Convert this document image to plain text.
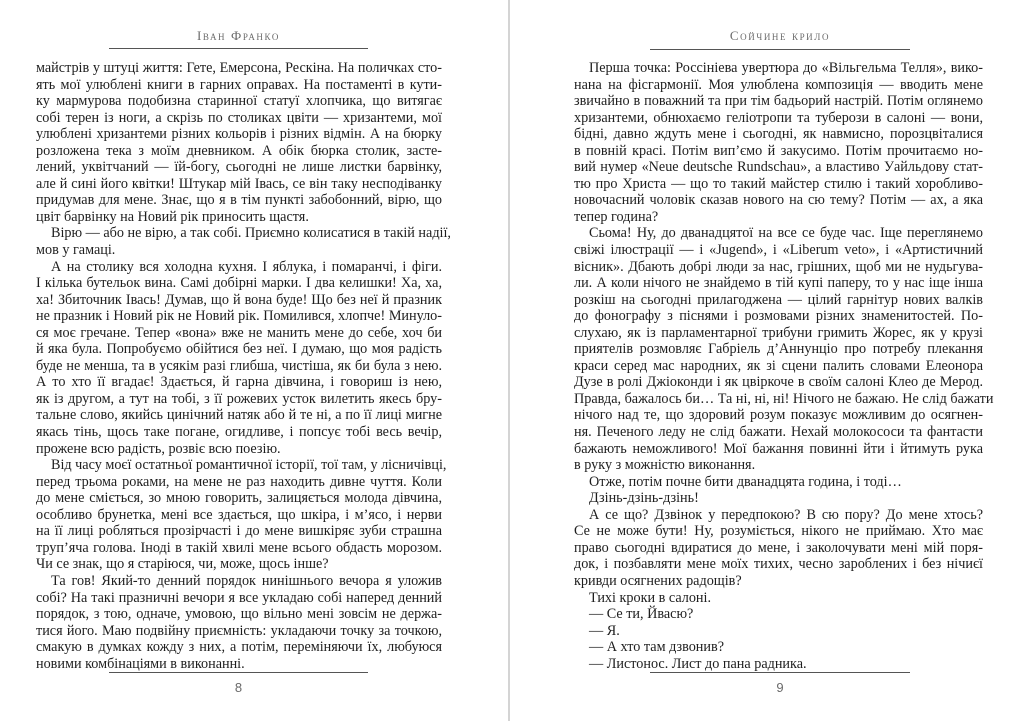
Іван Франко
майстрів у штуці життя: Гете, Емерсона, Рескіна. На поличках сто-
ять мої улюблені книги в гарних оправах. На постаменті в кути-
ку мармурова подобизна старинної статуї хлопчика, що витягає
собі терен із ноги, а скрізь по столиках цвіти — хризантеми, мої
улюблені хризантеми різних кольорів і різних відмін. А на бюрку
розложена тека з моїм дневником. А обік бюрка столик, засте-
лений, уквітчаний — їй-богу, сьогодні не лише листки барвінку,
але й сині його квітки! Штукар мій Івась, се він таку несподіванку
придумав для мене. Знає, що я в тім пункті забобонний, вірю, що
цвіт барвінку на Новий рік приносить щастя.
Вірю — або не вірю, а так собі. Приємно колисатися в такій надії,
мов у гамаці.
А на столику вся холодна кухня. І яблука, і помаранчі, і фіги.
І кілька бутельок вина. Самі добірні марки. І два келишки! Ха, ха,
ха! Збиточник Івась! Думав, що й вона буде! Що без неї й празник
не празник і Новий рік не Новий рік. Помилився, хлопче! Минуло-
ся моє гречане. Тепер «вона» вже не манить мене до себе, хоч би
й яка була. Попробуємо обійтися без неї. І думаю, що моя радість
буде не менша, та в усякім разі глибша, чистіша, як би була з нею.
А то хто її вгадає! Здається, й гарна дівчина, і говориш із нею,
як із другом, а тут на тобі, з її рожевих усток вилетить якесь бру-
тальне слово, якийсь цинічний натяк або й те ні, а по її лиці мигне
якась тінь, щось таке погане, огидливе, і попсує тобі весь вечір,
прожене всю радість, розвіє всю поезію.
Від часу моєї остатньої романтичної історії, тої там, у лісничівці,
перед трьома роками, на мене не раз находить дивне чуття. Коли
до мене сміється, зо мною говорить, залицяється молода дівчина,
особливо брунетка, мені все здається, що шкіра, і м’ясо, і нерви
на її лиці робляться прозірчасті і до мене вишкіряє зуби страшна
труп’яча голова. Іноді в такій хвилі мене всього обдасть морозом.
Чи се знак, що я старіюся, чи, може, щось інше?
Та гов! Який-то денний порядок нинішнього вечора я уложив
собі? На такі празничні вечори я все укладаю собі наперед денний
порядок, з тою, одначе, умовою, що вільно мені зовсім не держа-
тися його. Маю подвійну приємність: укладаючи точку за точкою,
смакую в думках кожду з них, а потім, переміняючи їх, любуюся
новими комбінаціями в виконанні.
8
Сойчине крило
Перша точка: Россініева увертюра до «Вільгельма Телля», вико-
нана на фісгармонії. Моя улюблена композиція — вводить мене
звичайно в поважний та при тім бадьорий настрій. Потім оглянемо
хризантеми, обнюхаємо геліотропи та туберози в салоні — вони,
бідні, давно ждуть мене і сьогодні, як навмисно, порозцвіталися
в повній красі. Потім вип’ємо й закусимо. Потім прочитаємо но-
вий нумер «Neue deutsche Rundschau», а властиво Уайльдову стат-
тю про Христа — що то такий майстер стилю і такий хоробливо-
новочасний чоловік сказав нового на сю тему? Потім — ах, а яка
тепер година?
Сьома! Ну, до дванадцятої на все се буде час. Іще переглянемо
свіжі ілюстрації — і «Jugend», і «Liberum veto», і «Артистичний
вісник». Дбають добрі люди за нас, грішних, щоб ми не нудьгува-
ли. А коли нічого не знайдемо в тій купі паперу, то у нас іще інша
розкіш на сьогодні прилагоджена — цілий гарнітур нових валків
до фонографу з піснями і розмовами різних знаменитостей. По-
слухаю, як із парламентарної трибуни гримить Жорес, як у крузі
приятелів розмовляє Габріель д’Аннунціо про потребу плекання
краси серед мас народних, як зі сцени палить словами Елеонора
Дузе в ролі Джіоконди і як цвіркоче в своїм салоні Клео де Мерод.
Правда, бажалось би… Та ні, ні, ні! Нічого не бажаю. Не слід бажати
нічого над те, що здоровий розум показує можливим до осягнен-
ня. Печеного леду не слід бажати. Нехай молокососи та фантасти
бажають неможливого! Мої бажання повинні йти і йтимуть рука
в руку з можністю виконання.
Отже, потім почне бити дванадцята година, і тоді…
Дзінь-дзінь-дзінь!
А се що? Дзвінок у передпокою? В сю пору? До мене хтось?
Се не може бути! Ну, розуміється, нікого не приймаю. Хто має
право сьогодні вдиратися до мене, і заколочувати мені мій поря-
док, і позбавляти мене моїх тихих, чесно зароблених і без нічиєї
кривди осягнених радощів?
Тихі кроки в салоні.
— Се ти, Йвасю?
— Я.
— А хто там дзвонив?
— Листонос. Лист до пана радника.
9
